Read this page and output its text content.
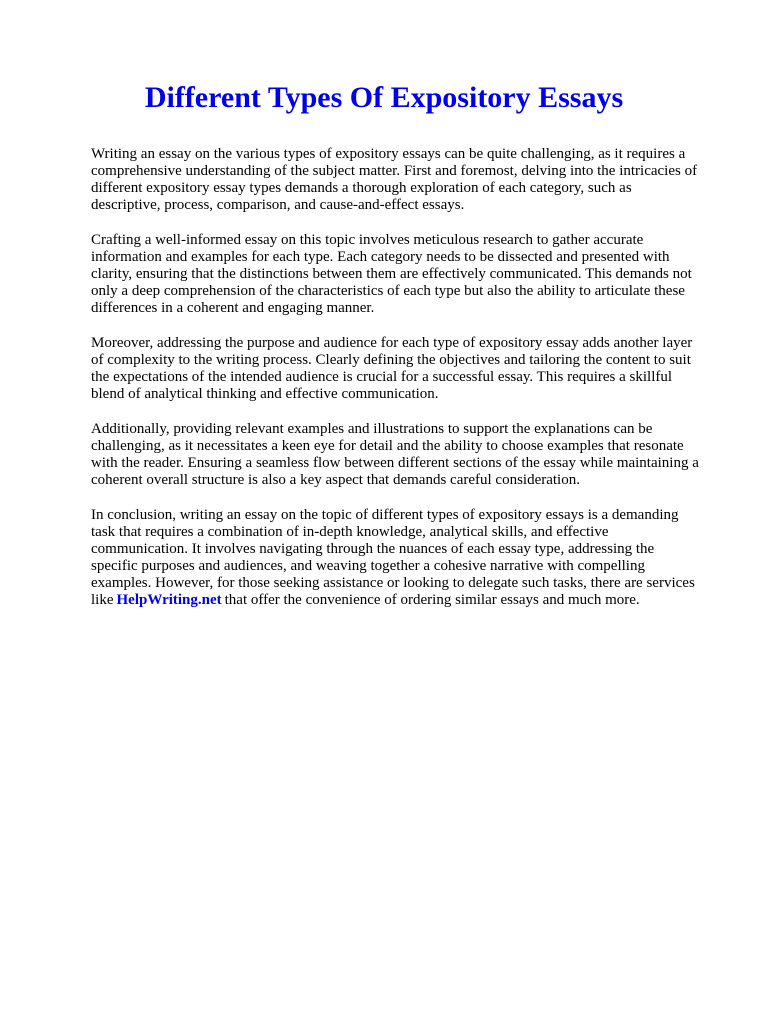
Different Types Of Expository Essays

Writing an essay on the various types of expository essays can be quite challenging, as it requires a
comprehensive understanding of the subject matter. First and foremost, delving into the intricacies of
different expository essay types demands a thorough exploration of each category, such as
descriptive, process, comparison, and cause-and-effect essays.

Crafting a well-informed essay on this topic involves meticulous research to gather accurate
information and examples for each type. Each category needs to be dissected and presented with
clarity, ensuring that the distinctions between them are effectively communicated. This demands not
only a deep comprehension of the characteristics of each type but also the ability to articulate these
differences in a coherent and engaging manner.

Moreover, addressing the purpose and audience for each type of expository essay adds another layer
of complexity to the writing process. Clearly defining the objectives and tailoring the content to suit
the expectations of the intended audience is crucial for a successful essay. This requires a skillful
blend of analytical thinking and effective communication.

Additionally, providing relevant examples and illustrations to support the explanations can be
challenging, as it necessitates a keen eye for detail and the ability to choose examples that resonate
with the reader. Ensuring a seamless flow between different sections of the essay while maintaining a
coherent overall structure is also a key aspect that demands careful consideration.

In conclusion, writing an essay on the topic of different types of expository essays is a demanding
task that requires a combination of in-depth knowledge, analytical skills, and effective
communication. It involves navigating through the nuances of each essay type, addressing the
specific purposes and audiences, and weaving together a cohesive narrative with compelling
examples. However, for those seeking assistance or looking to delegate such tasks, there are services
like HelpWriting.net that offer the convenience of ordering similar essays and much more.
